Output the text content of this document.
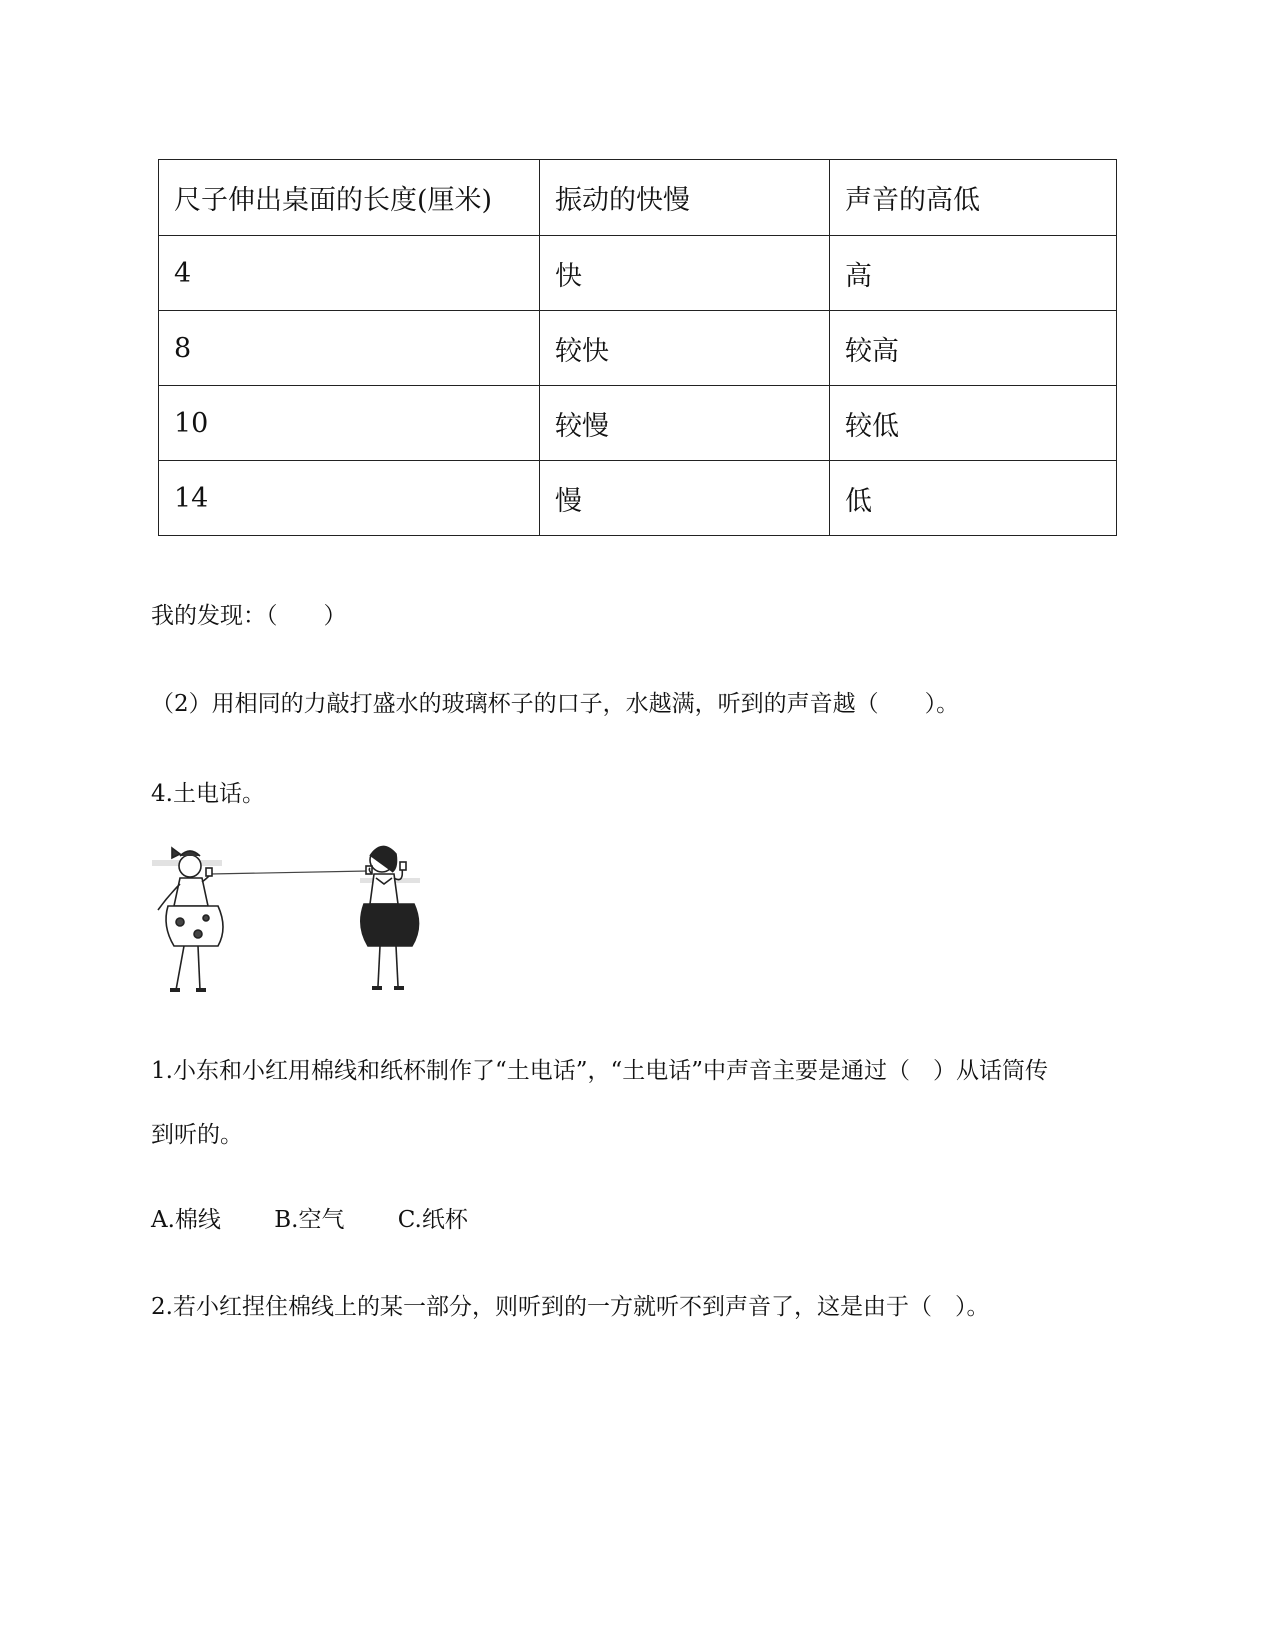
尺子伸出桌面的长度(厘米)	振动的快慢	声音的高低
4	快	高
8	较快	较高
10	较慢	较低
14	慢	低
我的发现：（　　）
（2）用相同的力敲打盛水的玻璃杯子的口子，水越满，听到的声音越（　　）。
4.土电话。
1.小东和小红用棉线和纸杯制作了“土电话”，“土电话”中声音主要是通过（　）从话筒传
到听的。
A.棉线 B.空气 C.纸杯
2.若小红捏住棉线上的某一部分，则听到的一方就听不到声音了，这是由于（　）。
